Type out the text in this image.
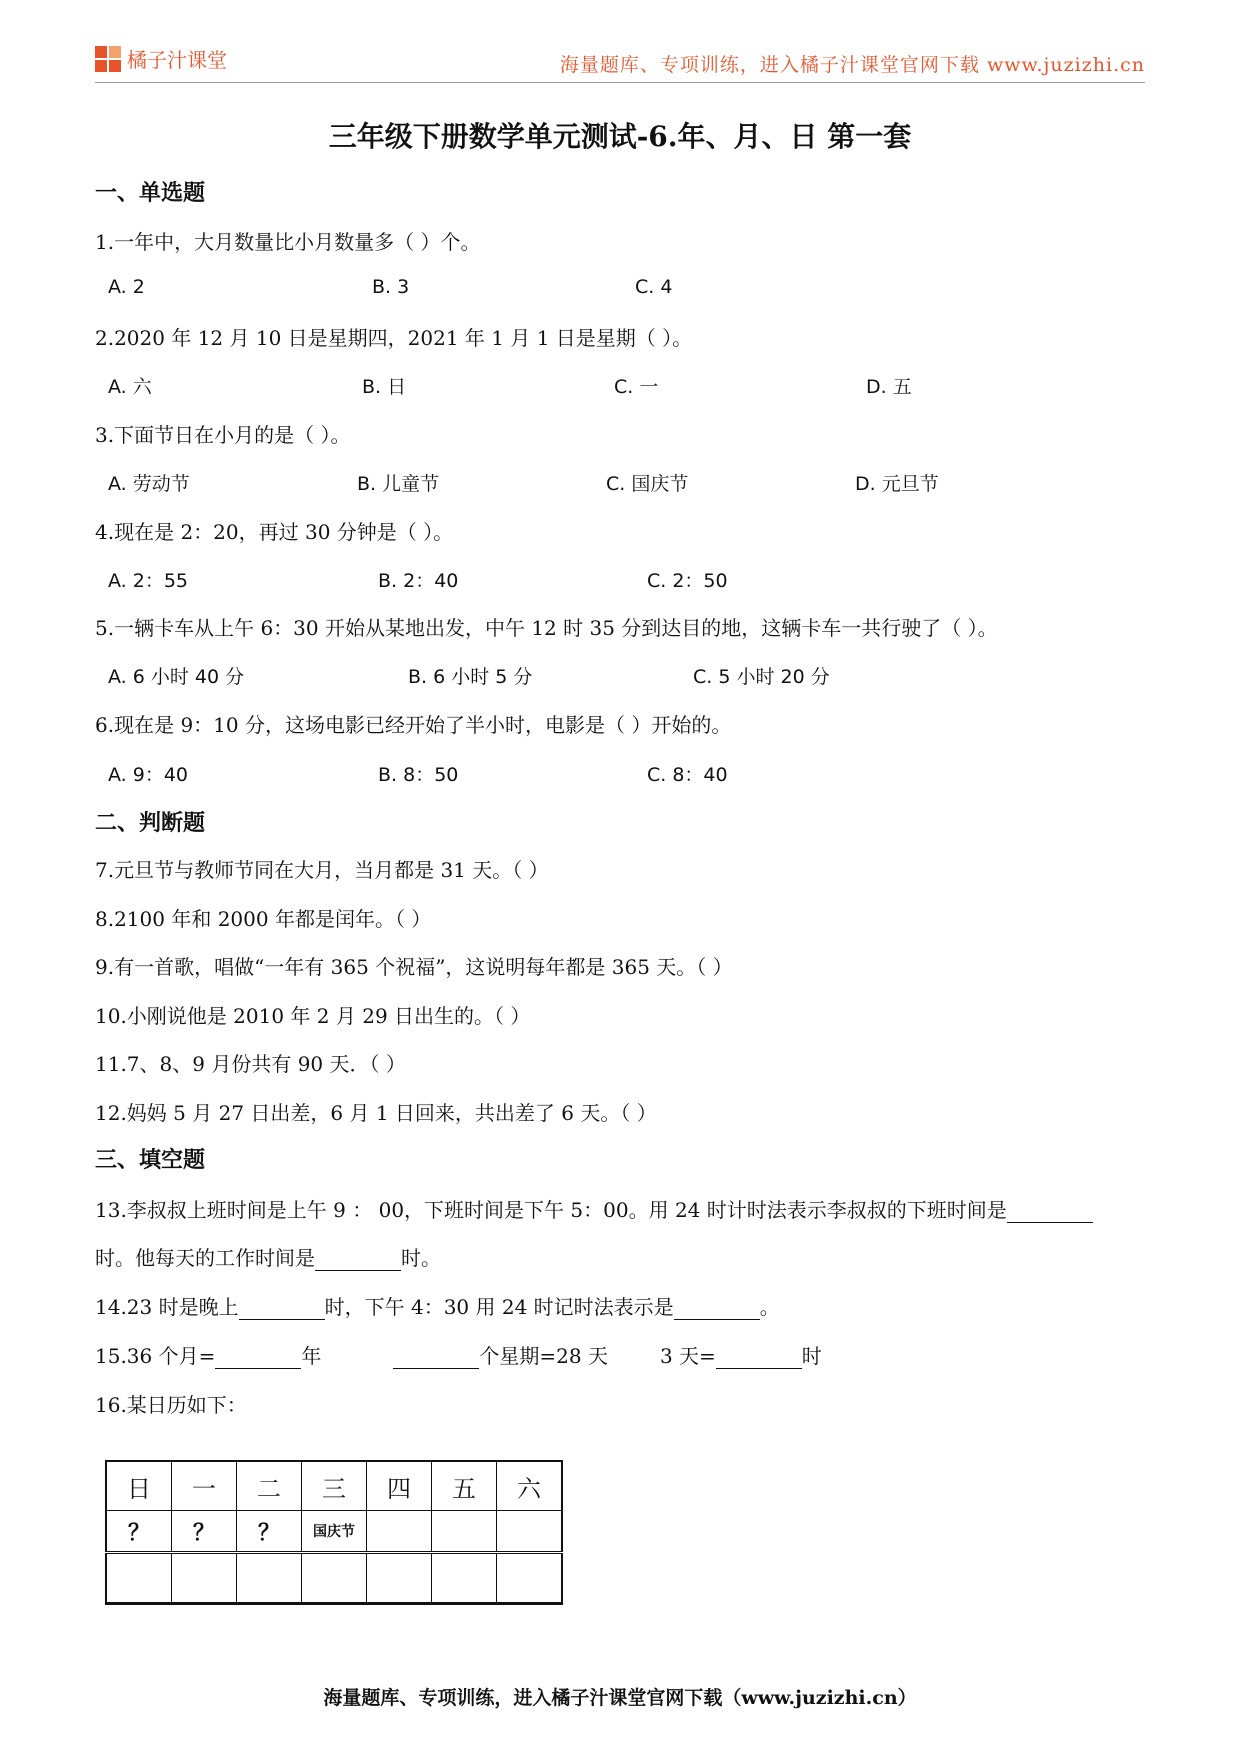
橘子汁课堂	海量题库、专项训练，进入橘子汁课堂官网下载 www.juzizhi.cn
三年级下册数学单元测试-6.年、月、日 第一套
一、单选题
1.一年中，大月数量比小月数量多（ ）个。
A. 2	B. 3	C. 4
2.2020 年 12 月 10 日是星期四，2021 年 1 月 1 日是星期（ ）。
A. 六	B. 日	C. 一	D. 五
3.下面节日在小月的是（ ）。
A. 劳动节	B. 儿童节	C. 国庆节	D. 元旦节
4.现在是 2：20，再过 30 分钟是（ ）。
A. 2：55	B. 2：40	C. 2：50
5.一辆卡车从上午 6：30 开始从某地出发，中午 12 时 35 分到达目的地，这辆卡车一共行驶了（ ）。
A. 6 小时 40 分	B. 6 小时 5 分	C. 5 小时 20 分
6.现在是 9：10 分，这场电影已经开始了半小时，电影是（ ）开始的。
A. 9：40	B. 8：50	C. 8：40
二、判断题
7.元旦节与教师节同在大月，当月都是 31 天。（ ）
8.2100 年和 2000 年都是闰年。（ ）
9.有一首歌，唱做“一年有 365 个祝福”，这说明每年都是 365 天。（ ）
10.小刚说他是 2010 年 2 月 29 日出生的。（ ）
11.7、8、9 月份共有 90 天．（ ）
12.妈妈 5 月 27 日出差，6 月 1 日回来，共出差了 6 天。（ ）
三、填空题
13.李叔叔上班时间是上午 9 ： 00，下班时间是下午 5：00。用 24 时计时法表示李叔叔的下班时间是
时。他每天的工作时间是	时。
14.23 时是晚上	时，下午 4：30 用 24 时记时法表示是	。
15.36 个月=	年	个星期=28 天	3 天=	时
16.某日历如下：
日	一	二	三	四	五	六
？	？	？	国庆节			

海量题库、专项训练，进入橘子汁课堂官网下载（www.juzizhi.cn）
